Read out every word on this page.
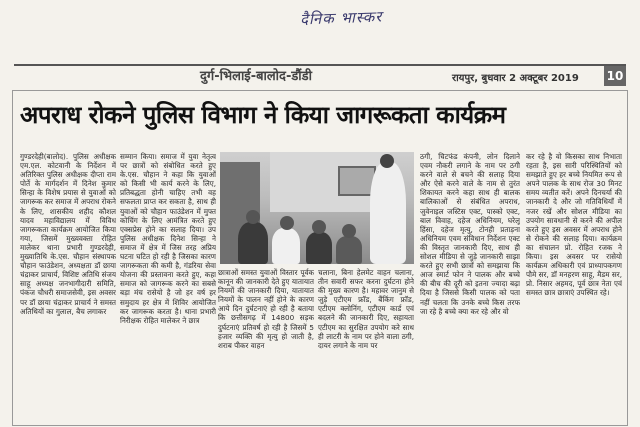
दैनिक भास्कर
दुर्ग-भिलाई-बालोद-डौंडी	रायपुर, बुधवार 2 अक्टूबर 2019 10
अपराध रोकने पुलिस विभाग ने किया जागरूकता कार्यक्रम
गुण्डरदेही(बालोद). पुलिस अधीक्षक एम.एल. कोटवानी के निर्देशन में अतिरिक्त पुलिस अधीक्षक दीप्ता राम पोर्ते के मार्गदर्शन में दिनेश कुमार सिन्हा के विशेष प्रयास से युवाओं को जागरूक कर समाज में अपराध रोकने के लिए, शासकीय शहीद कौशल यादव महाविद्यालय में विविध जागरूकता कार्यक्रम आयोजित किया गया, जिसमें मुख्यवक्ता रोहित मालेकर थाना प्रभारी गुण्डरदेही, मुख्यातिथि के.एस. चौहान संस्थापक चौहान फाउंडेशन, अध्यक्षता डॉ छाया चंद्राकर प्राचार्य, विशिष्ट अतिथि संजय साहू अध्यक्ष जनभागीदारी समिति, पंकज चौधरी समाजसेवी, इस अवसर पर डॉ छाया चंद्राकर प्राचार्य ने समस्त अतिथियों का गुलाल, बैच लगाकर
सम्मान किया। समाज में युवा नेतृत्व पर छात्रों को संबोधित करते हुए के.एस. चौहान ने कहा कि युवाओं को किसी भी कार्य करने के लिए, प्रतिबद्धता होनी चाहिए तभी वह सफलता प्राप्त कर सकता है, साथ ही युवाओं को चौहान फाउंडेशन में मुफ्त कोचिंग के लिए आमंत्रित करते हुए एक्सप्रेस होने का सलाह दिया। उप पुलिस अधीक्षक दिनेश सिन्हा ने समाज में क्षेत्र में जिस तरह अप्रिय घटना घटित हो रही है जिसका कारण जागरूकता की कमी है, गंडरिया सेवा योजना की प्रस्तावना करते हुए, कहा समाज को जागरूक करने का सबसे बड़ा मंच रासेयो है जो हर वर्ष हर समुदाय हर क्षेत्र में शिविर आयोजित कर जागरूक करता है। थाना प्रभारी निरीक्षक रोहित मालेकर ने छात्र
छात्राओं समस्त युवाओं विस्तार पूर्वक कानून की जानकारी देते हुए यातायात नियमों की जानकारी दिया, यातायात नियमों के पालन नहीं होने के कारण आये दिन दुर्घटनाएं हो रही है बताया कि छत्तीसगढ़ में 14800 सड़क दुर्घटनाएं प्रतिवर्ष हो रही है जिसमें 5 हजार व्यक्ति की मृत्यु हो जाती है, शराब पीकर वाहन
चलाना, बिना हेलमेट वाहन चलाना, तीन सवारी सफर करना दुर्घटना होने की मुख्य कारण है। महावर जानुम से जुड़े एटीएम फ्रॉड, बैंकिंग फ्रॉड, एटीएम क्लोनिंग, एटीएम कार्ड एवं बदलने की जानकारी दिए, सहायता एटीएम का सुरक्षित उपयोग करे साथ ही लाटरी के नाम पर होने वाला ठगी, दायर लगाने के नाम पर
ठगी, चिटफंड कंपनी, लोन दिलाने एवम नौकरी लगाने के नाम पर ठगी करने वाले से बचने की सलाह दिया और ऐसे करने वाले के नाम से तुरंत शिकायत करने कहा साथ ही बालक बालिकाओं से संबंधित अपराध, जुवेनाइल जस्टिस एक्ट, पास्को एक्ट, बाल विवाह, दहेज अधिनियम, घरेलू हिंसा, दहेज मृत्यु, टोनही प्रताड़ना अधिनियम एवम संविधान निर्देशन एक्ट की विस्तृत जानकारी दिए, साथ ही सोशल मीडिया से जुड़े जानकारी साझा करते हुए सभी छात्रों को समझाया कि आज स्मार्ट फोन ने पालक और बच्चे की बीच की दूरी को इतना ज्यादा बढ़ा दिया है जिससे किसी पालक को पता नहीं चलता कि उनके बच्चे किस तरफ जा रहे है बच्चे क्या कर रहे और वो
कर रहे है वो किसका साथ निभाता रहता है, इस सारी परिस्थितियों को समझाते हुए हर बच्चे नियमित रूप से अपने पालक के साथ रोज 30 मिनट समय व्यतीत करें। अपने दिनचर्या की जानकारी दे और जो गतिविधियाँ में नजर रखें और सोशल मीडिया का उपयोग सावधानी से करने की अपील करते हुए इस अवसर में अपराध होने से रोकने की सलाह दिया। कार्यक्रम का संचालन प्रो. रोहित रजक ने किया। इस अवसर पर रासेयो कार्यक्रम अधिकारी एवं प्राध्यापकगण पौमे सर, डॉ मनहरण साहू, मैडम सर, प्रो. निसार अहमद, पूर्व छात्र नेता एवं समस्त छात्र छात्राएं उपस्थित रहे।
